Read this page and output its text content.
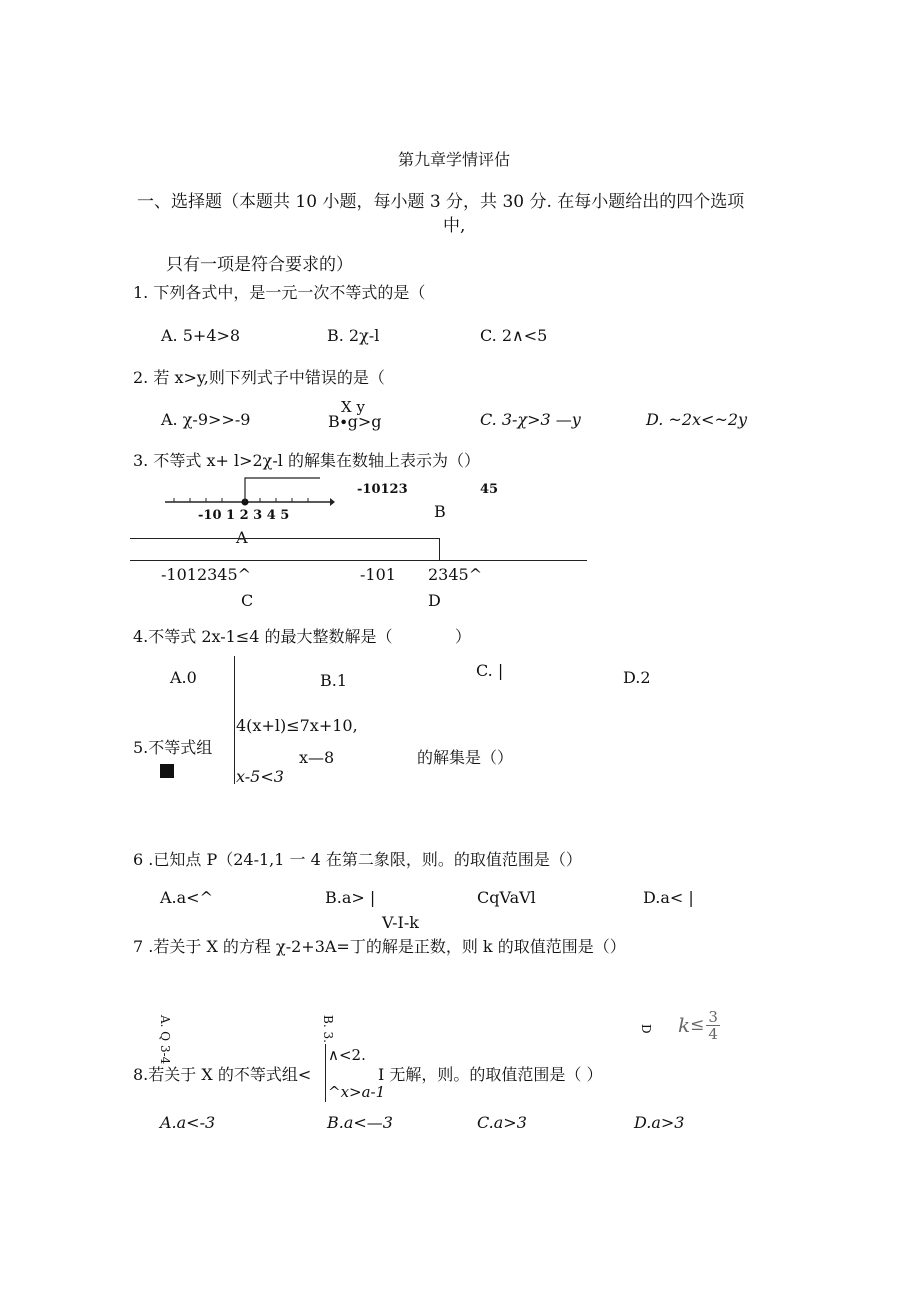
第九章学情评估
一、选择题（本题共 10 小题，每小题 3 分，共 30 分. 在每小题给出的四个选项
中,
只有一项是符合要求的）
1. 下列各式中，是一元一次不等式的是（
A. 5+4>8	B. 2χ-l	C. 2∧<5
2. 若 x>y,则下列式子中错误的是（
X y
A. χ-9>>-9	B∙g>g	C. 3-χ>3 —y	D. ~2x<~2y
3. 不等式 x+ l>2χ-l 的解集在数轴上表示为（）
-10 1 2 3 4 5
-10123	45
B
-1012345^	-101 2345^
C	D
4.不等式 2x-1≤4 的最大整数解是（	）
A.0	B.1
C. |	D.2
4(x+l)≤7x+10,
5.不等式组
x—8	的解集是（）
x-5<3
6 .已知点 P（24-1,1 一 4 在第二象限，则。的取值范围是（）
A.a<^	B.a> |	CqVaVl	D.a< |
V-I-k
7 .若关于 X 的方程 χ-2+3A=丁的解是正数，则 k 的取值范围是（）
A. Q 3-4	B. 3.	D $k \le \frac{3}{4}$
∧<2.
8.若关于 X 的不等式组<	I 无解，则。的取值范围是（ ）
^x>a-1
A.a<-3	B.a<—3	C.a>3	D.a>3
